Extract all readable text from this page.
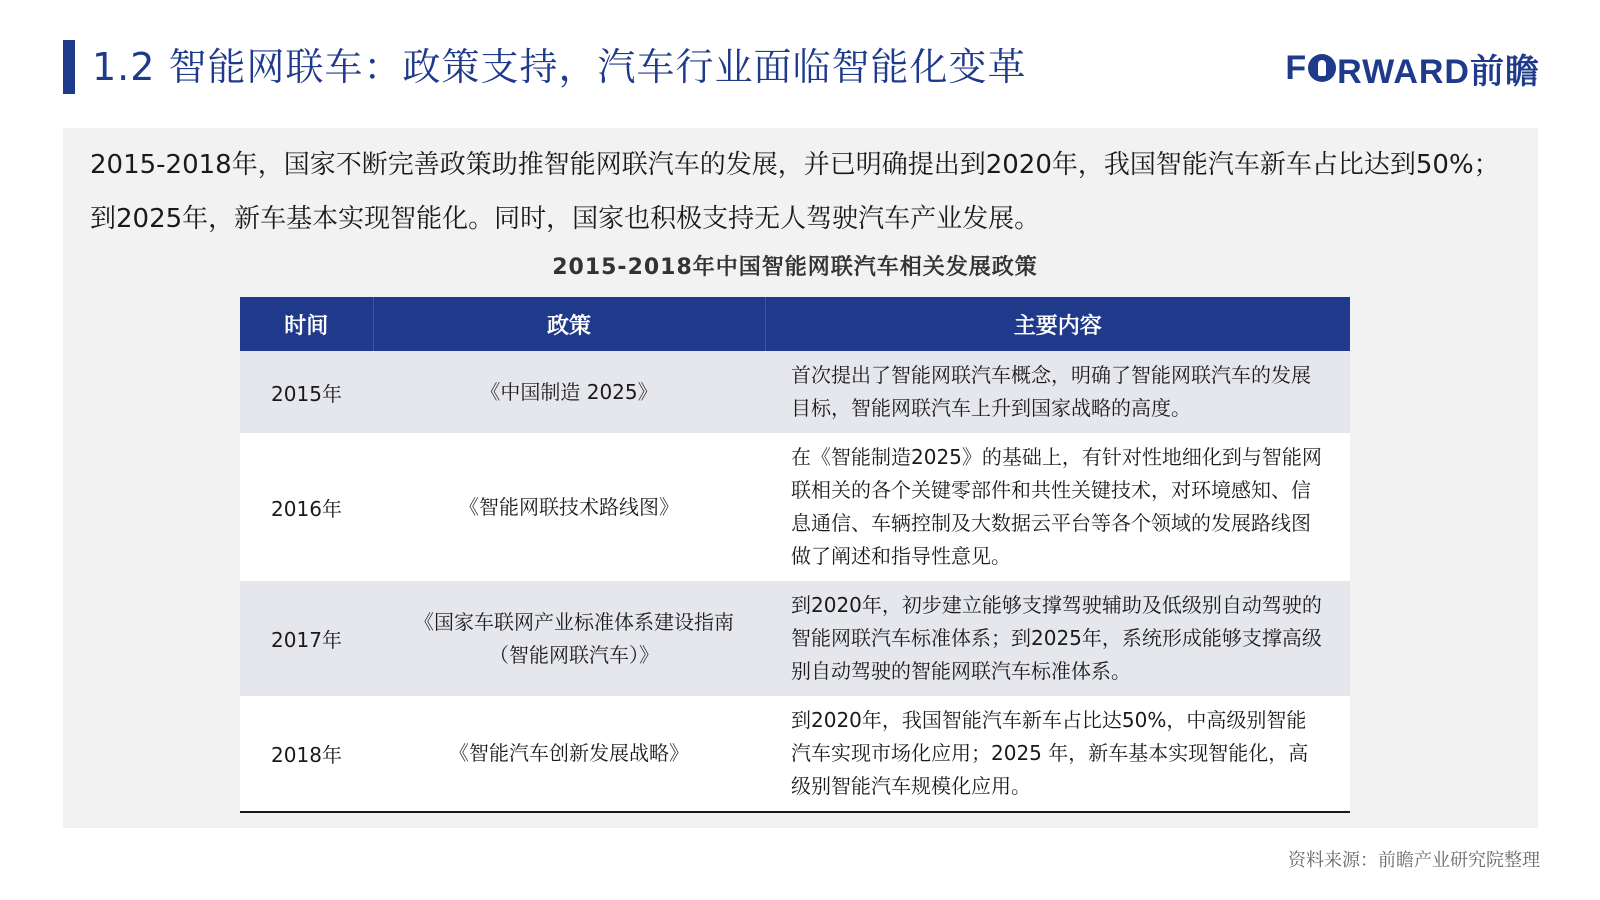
1.2 智能网联车：政策支持，汽车行业面临智能化变革	F RWARD前瞻
2015-2018年，国家不断完善政策助推智能网联汽车的发展，并已明确提出到2020年，我国智能汽车新车占比达到50%；到2025年，新车基本实现智能化。同时，国家也积极支持无人驾驶汽车产业发展。
2015-2018年中国智能网联汽车相关发展政策
时间	政策	主要内容
2015年	《中国制造 2025》	首次提出了智能网联汽车概念，明确了智能网联汽车的发展目标，智能网联汽车上升到国家战略的高度。
2016年	《智能网联技术路线图》	在《智能制造2025》的基础上，有针对性地细化到与智能网联相关的各个关键零部件和共性关键技术，对环境感知、信息通信、车辆控制及大数据云平台等各个领域的发展路线图做了阐述和指导性意见。
2017年	《国家车联网产业标准体系建设指南（智能网联汽车）》	到2020年，初步建立能够支撑驾驶辅助及低级别自动驾驶的智能网联汽车标准体系；到2025年，系统形成能够支撑高级别自动驾驶的智能网联汽车标准体系。
2018年	《智能汽车创新发展战略》	到2020年，我国智能汽车新车占比达50%，中高级别智能汽车实现市场化应用；2025 年，新车基本实现智能化，高级别智能汽车规模化应用。
资料来源：前瞻产业研究院整理
